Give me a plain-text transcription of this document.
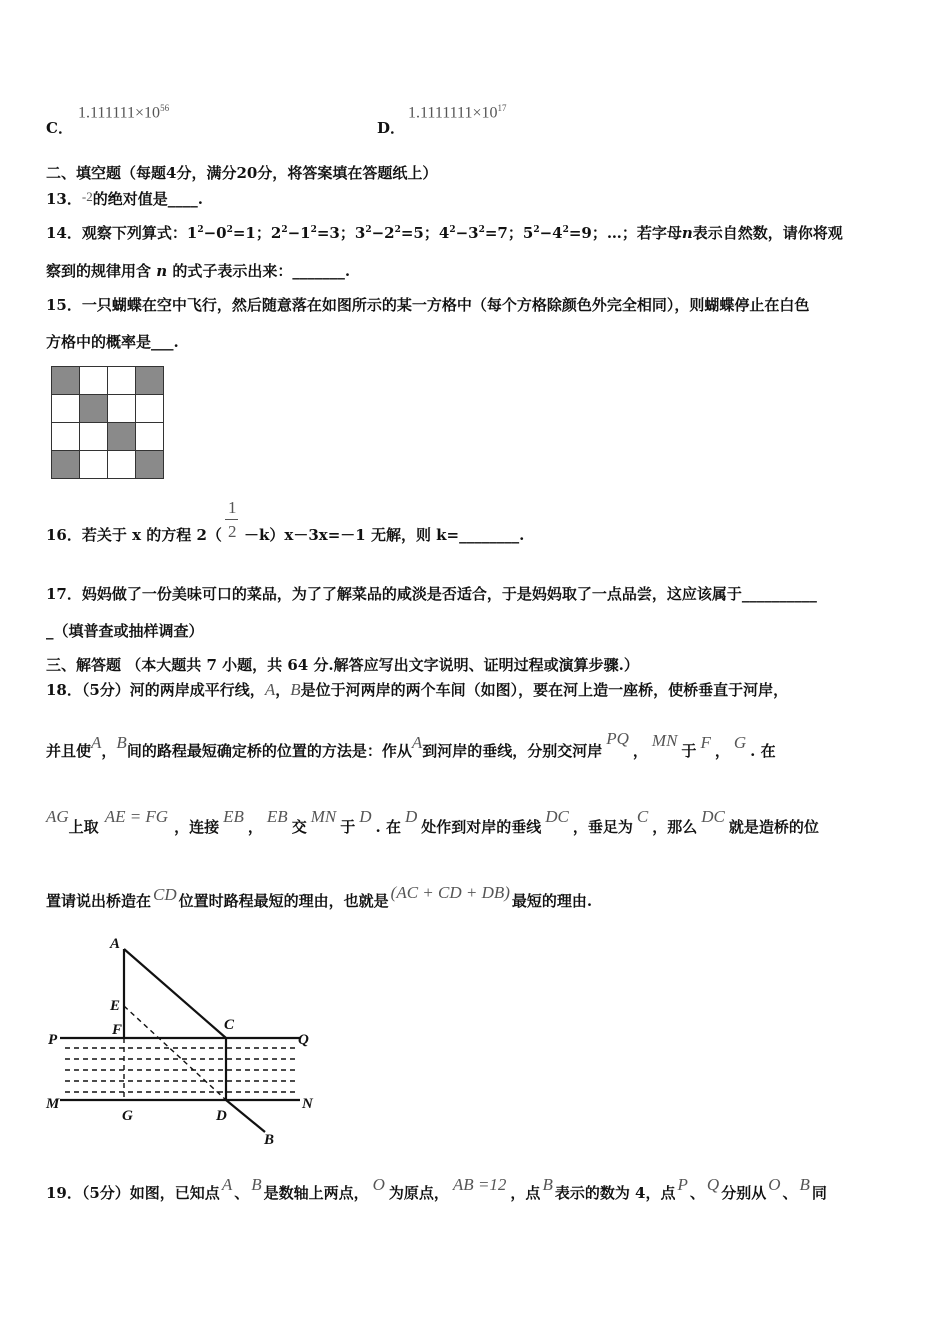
C．
$1.111111\times 10^{56}$
D．
$1.1111111\times 10^{17}$
二、填空题（每题4分，满分20分，将答案填在答题纸上）
13．-2的绝对值是____.
14．观察下列算式：$1^2-0^2=1$；$2^2-1^2=3$；$3^2-2^2=5$；$4^2-3^2=7$；$5^2-4^2=9$；…；若字母n表示自然数，请你将观
察到的规律用含 n 的式子表示出来：_______.
15．一只蝴蝶在空中飞行，然后随意落在如图所示的某一方格中（每个方格除颜色外完全相同），则蝴蝶停止在白色
方格中的概率是___.

16．若关于 x 的方程 2（
1
2 －k）x－3x=－1 无解，则 k=________.
17．妈妈做了一份美味可口的菜品，为了了解菜品的咸淡是否适合，于是妈妈取了一点品尝，这应该属于__________
_（填普查或抽样调查）
三、解答题 （本大题共 7 小题，共 64 分.解答应写出文字说明、证明过程或演算步骤.）
18．（5分）河的两岸成平行线，A，B是位于河两岸的两个车间（如图），要在河上造一座桥，使桥垂直于河岸，
并且使A，B间的路程最短确定桥的位置的方法是：作从A到河岸的垂线，分别交河岸PQ，MN于 F ， G . 在
AG上取AE = FG，连接EB，EB交MN于D. 在D处作到对岸的垂线DC，垂足为C，那么DC就是造桥的位
置请说出桥造在 CD 位置时路程最短的理由，也就是 (AC + CD + DB) 最短的理由.
A
E
F	C
P	Q
M	N
G	D
B
19．（5分）如图，已知点 A 、 B 是数轴上两点， O 为原点， AB =12 ，点 B 表示的数为 4，点 P 、 Q 分别从 O 、 B 同
